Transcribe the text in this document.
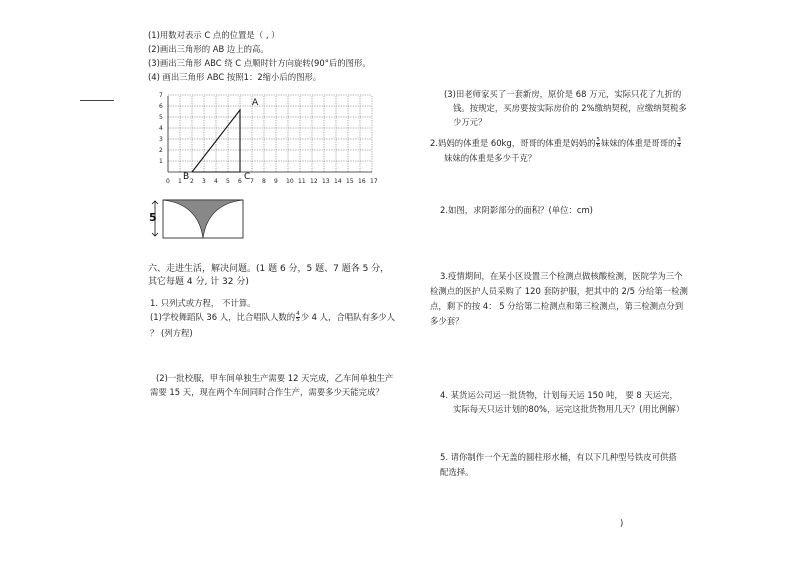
(1)用数对表示 C 点的位置是（ , ）
(2)画出三角形的 AB 边上的高。
(3)画出三角形 ABC 绕 C 点顺时针方向旋转(90°后的图形。
(4) 画出三角形 ABC 按照1：2缩小后的图形。
0 1 2 3 4 5 6 7 8 9 10 11 12 13 14 15 16 17
1
2
3
4
5
6
7
A
B	C
5
六、走进生活，解决问题。(1 题 6 分，5 题、7 题各 5 分，
其它每题 4 分, 计 32 分)
1. 只列式或方程， 不计算。
(1)学校舞蹈队 36 人，比合唱队人数的 $\frac{4}{5}$ 少 4 人，合唱队有多少人
？ (列方程)
(2)一批校服，甲车间单独生产需要 12 天完成，乙车间单独生产
需要 15 天，现在两个车间同时合作生产，需要多少天能完成？
(3)田老师家买了一套新房，原价是 68 万元，实际只花了九折的
钱。按规定，买房要按实际房价的 2%缴纳契税，应缴纳契税多
少万元？
2.妈妈的体重是 60kg，哥哥的体重是妈妈的 $\frac{5}{6}$ 妹妹的体重是哥哥的 $\frac{3}{4}$
妹妹的体重是多少千克？
2.如图，求阴影部分的面积？(单位：cm)
3.疫情期间，在某小区设置三个检测点做核酸检测，医院学为三个
检测点的医护人员采购了 120 套防护服，把其中的 2/5 分给第一检测
点，剩下的按 4： 5 分给第二检测点和第三检测点，第三检测点分到
多少套？
4. 某货运公司运一批货物，计划每天运 150 吨， 要 8 天运完，
实际每天只运计划的80%，运完这批货物用几天？(用比例解）
5. 请你制作一个无盖的圆柱形水桶，有以下几种型号铁皮可供搭
配选择。
)
